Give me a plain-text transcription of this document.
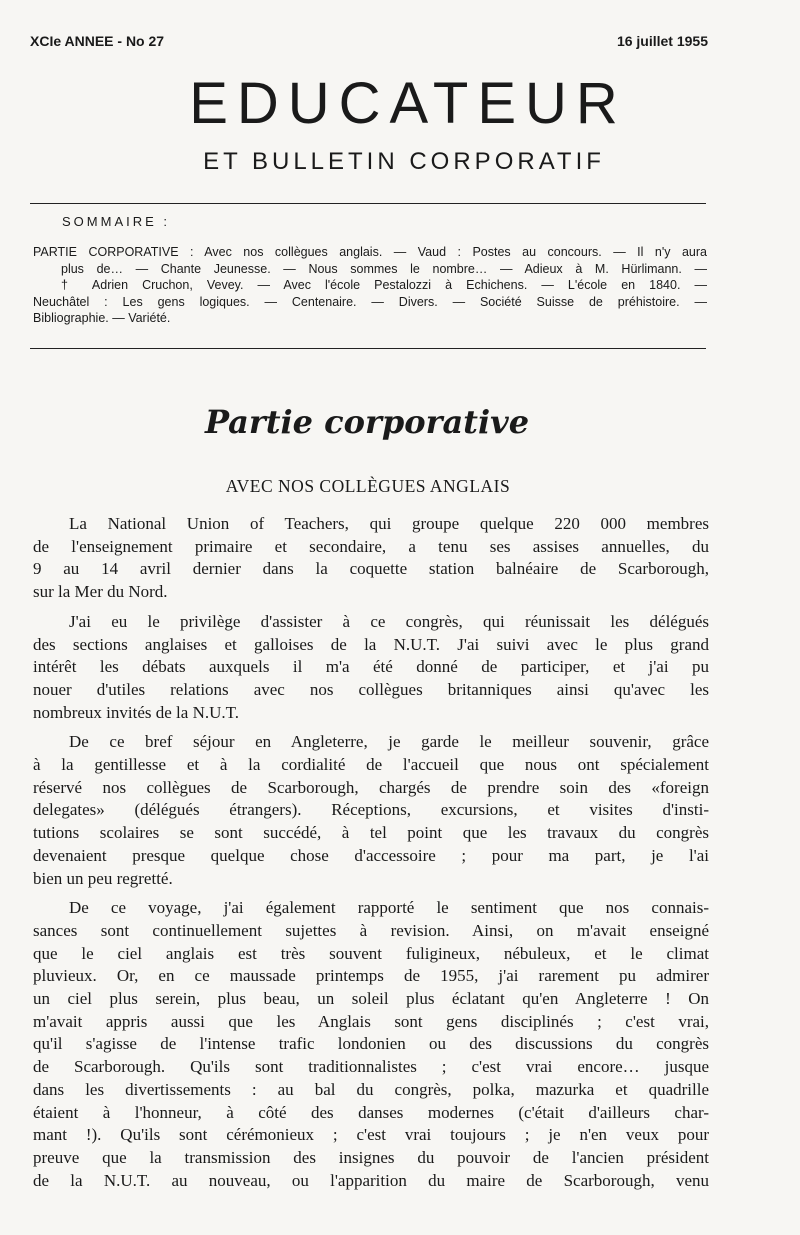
XCIe ANNEE - No 27	16 juillet 1955
EDUCATEUR
ET BULLETIN CORPORATIF
SOMMAIRE :
PARTIE CORPORATIVE : Avec nos collègues anglais. — Vaud : Postes au concours. — Il n'y aura
plus de… — Chante Jeunesse. — Nous sommes le nombre… — Adieux à M. Hürlimann. —
† Adrien Cruchon, Vevey. — Avec l'école Pestalozzi à Echichens. — L'école en 1840. —
Neuchâtel : Les gens logiques. — Centenaire. — Divers. — Société Suisse de préhistoire. —
Bibliographie. — Variété.
Partie corporative
AVEC NOS COLLÈGUES ANGLAIS

La National Union of Teachers, qui groupe quelque 220 000 membres
de l'enseignement primaire et secondaire, a tenu ses assises annuelles, du
9 au 14 avril dernier dans la coquette station balnéaire de Scarborough,
sur la Mer du Nord.

J'ai eu le privilège d'assister à ce congrès, qui réunissait les délégués
des sections anglaises et galloises de la N.U.T. J'ai suivi avec le plus grand
intérêt les débats auxquels il m'a été donné de participer, et j'ai pu
nouer d'utiles relations avec nos collègues britanniques ainsi qu'avec les
nombreux invités de la N.U.T.

De ce bref séjour en Angleterre, je garde le meilleur souvenir, grâce
à la gentillesse et à la cordialité de l'accueil que nous ont spécialement
réservé nos collègues de Scarborough, chargés de prendre soin des «foreign
delegates» (délégués étrangers). Réceptions, excursions, et visites d'insti-
tutions scolaires se sont succédé, à tel point que les travaux du congrès
devenaient presque quelque chose d'accessoire ; pour ma part, je l'ai
bien un peu regretté.

De ce voyage, j'ai également rapporté le sentiment que nos connais-
sances sont continuellement sujettes à revision. Ainsi, on m'avait enseigné
que le ciel anglais est très souvent fuligineux, nébuleux, et le climat
pluvieux. Or, en ce maussade printemps de 1955, j'ai rarement pu admirer
un ciel plus serein, plus beau, un soleil plus éclatant qu'en Angleterre ! On
m'avait appris aussi que les Anglais sont gens disciplinés ; c'est vrai,
qu'il s'agisse de l'intense trafic londonien ou des discussions du congrès
de Scarborough. Qu'ils sont traditionnalistes ; c'est vrai encore… jusque
dans les divertissements : au bal du congrès, polka, mazurka et quadrille
étaient à l'honneur, à côté des danses modernes (c'était d'ailleurs char-
mant !). Qu'ils sont cérémonieux ; c'est vrai toujours ; je n'en veux pour
preuve que la transmission des insignes du pouvoir de l'ancien président
de la N.U.T. au nouveau, ou l'apparition du maire de Scarborough, venu
